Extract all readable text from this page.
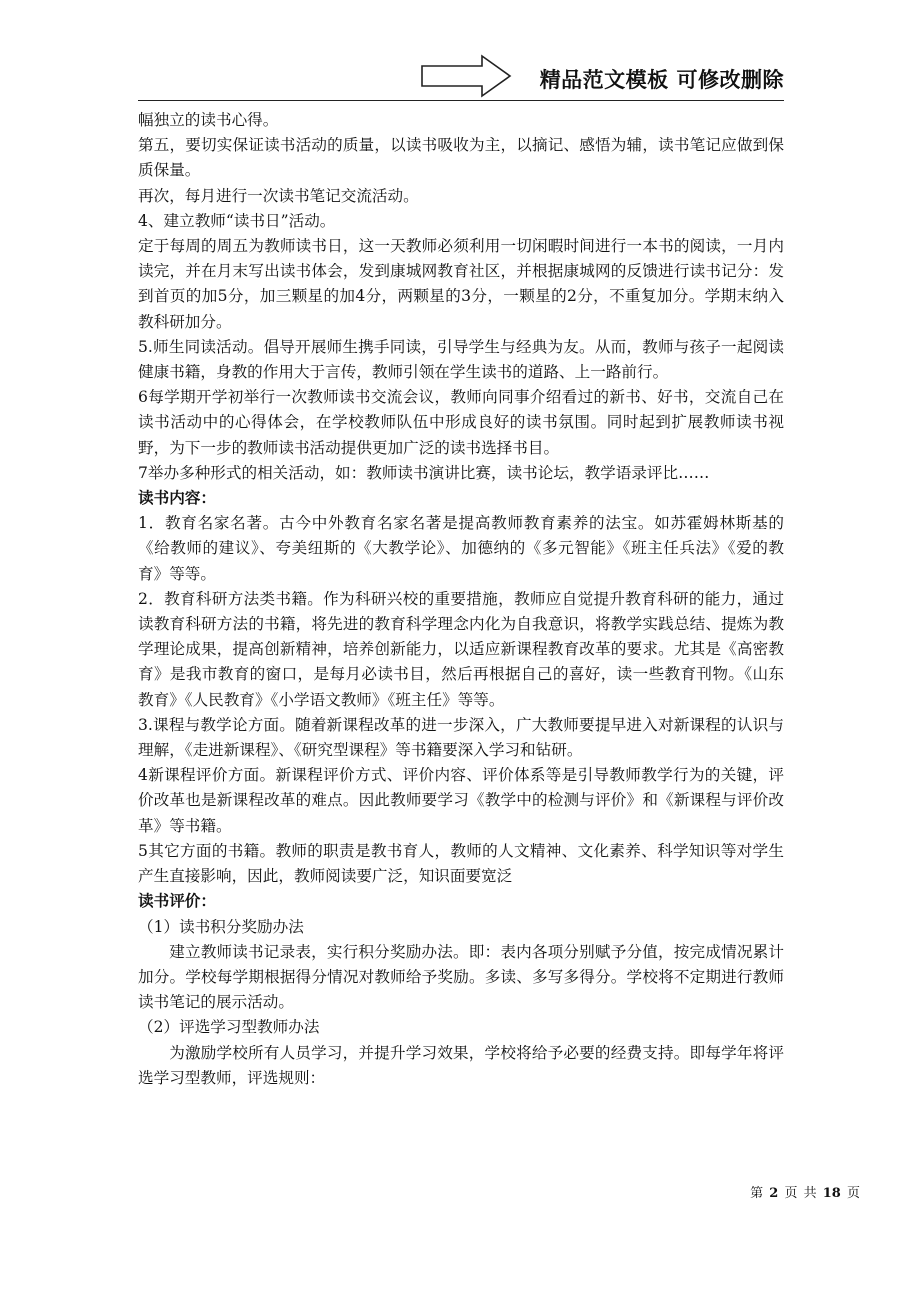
精品范文模板 可修改删除

幅独立的读书心得。

第五，要切实保证读书活动的质量，以读书吸收为主，以摘记、感悟为辅，读书笔记应做到保质保量。

再次，每月进行一次读书笔记交流活动。

4、建立教师“读书日”活动。

定于每周的周五为教师读书日，这一天教师必须利用一切闲暇时间进行一本书的阅读，一月内读完，并在月末写出读书体会，发到康城网教育社区，并根据康城网的反馈进行读书记分：发到首页的加5分，加三颗星的加4分，两颗星的3分，一颗星的2分，不重复加分。学期末纳入教科研加分。

5.师生同读活动。倡导开展师生携手同读，引导学生与经典为友。从而，教师与孩子一起阅读健康书籍，身教的作用大于言传，教师引领在学生读书的道路、上一路前行。

6每学期开学初举行一次教师读书交流会议，教师向同事介绍看过的新书、好书，交流自己在读书活动中的心得体会，在学校教师队伍中形成良好的读书氛围。同时起到扩展教师读书视野，为下一步的教师读书活动提供更加广泛的读书选择书目。

7举办多种形式的相关活动，如：教师读书演讲比赛，读书论坛，教学语录评比……

读书内容：

1．教育名家名著。古今中外教育名家名著是提高教师教育素养的法宝。如苏霍姆林斯基的《给教师的建议》、夸美纽斯的《大教学论》、加德纳的《多元智能》《班主任兵法》《爱的教育》等等。

2．教育科研方法类书籍。作为科研兴校的重要措施，教师应自觉提升教育科研的能力，通过读教育科研方法的书籍，将先进的教育科学理念内化为自我意识，将教学实践总结、提炼为教学理论成果，提高创新精神，培养创新能力，以适应新课程教育改革的要求。尤其是《高密教育》是我市教育的窗口，是每月必读书目，然后再根据自己的喜好，读一些教育刊物。《山东教育》《人民教育》《小学语文教师》《班主任》等等。

3.课程与教学论方面。随着新课程改革的进一步深入，广大教师要提早进入对新课程的认识与理解，《走进新课程》、《研究型课程》等书籍要深入学习和钻研。

4新课程评价方面。新课程评价方式、评价内容、评价体系等是引导教师教学行为的关键，评价改革也是新课程改革的难点。因此教师要学习《教学中的检测与评价》和《新课程与评价改革》等书籍。

5其它方面的书籍。教师的职责是教书育人，教师的人文精神、文化素养、科学知识等对学生产生直接影响，因此，教师阅读要广泛，知识面要宽泛

读书评价：

（1）读书积分奖励办法

建立教师读书记录表，实行积分奖励办法。即：表内各项分别赋予分值，按完成情况累计加分。学校每学期根据得分情况对教师给予奖励。多读、多写多得分。学校将不定期进行教师读书笔记的展示活动。

（2）评选学习型教师办法

为激励学校所有人员学习，并提升学习效果，学校将给予必要的经费支持。即每学年将评选学习型教师，评选规则：

第 2 页 共 18 页
